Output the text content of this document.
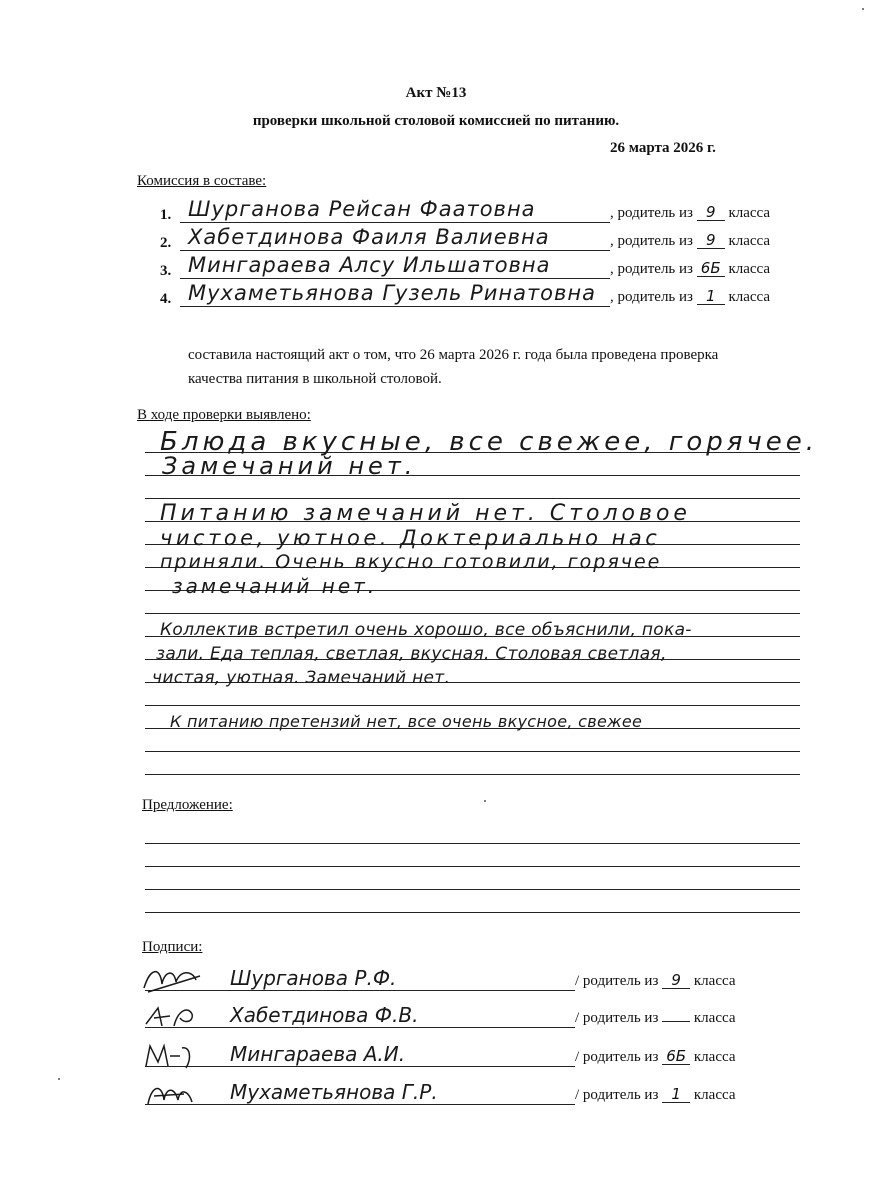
Акт №13
проверки школьной столовой комиссией по питанию.
26 марта 2026 г.
Комиссия в составе:
1. Шурганова Рейсан Фаатовна	, родитель из 9 класса
2. Хабетдинова Фаиля Валиевна	, родитель из 9 класса
3. Мингараева Алсу Ильшатовна	, родитель из 6Б класса
4. Мухаметьянова Гузель Ринатовна , родитель из 1 класса
составила настоящий акт о том, что 26 марта 2026 г. года была проведена проверка
качества питания в школьной столовой.
В ходе проверки выявлено:
Блюда вкусные, все свежее, горячее.
Замечаний нет.
Питанию замечаний нет. Столовое
чистое, уютное. Доктериально нас
приняли. Очень вкусно готовили, горячее
замечаний нет.
Коллектив встретил очень хорошо, все объяснили, пока-
зали. Еда теплая, светлая, вкусная. Столовая светлая,
чистая, уютная. Замечаний нет.
К питанию претензий нет, все очень вкусное, свежее
Предложение:
Подписи:
Шурганова Р.Ф.	/ родитель из 9 класса
Хабетдинова Ф.В.	/ родитель из класса
Мингараева А.И.	/ родитель из 6Б класса
Мухаметьянова Г.Р.	/ родитель из 1 класса
